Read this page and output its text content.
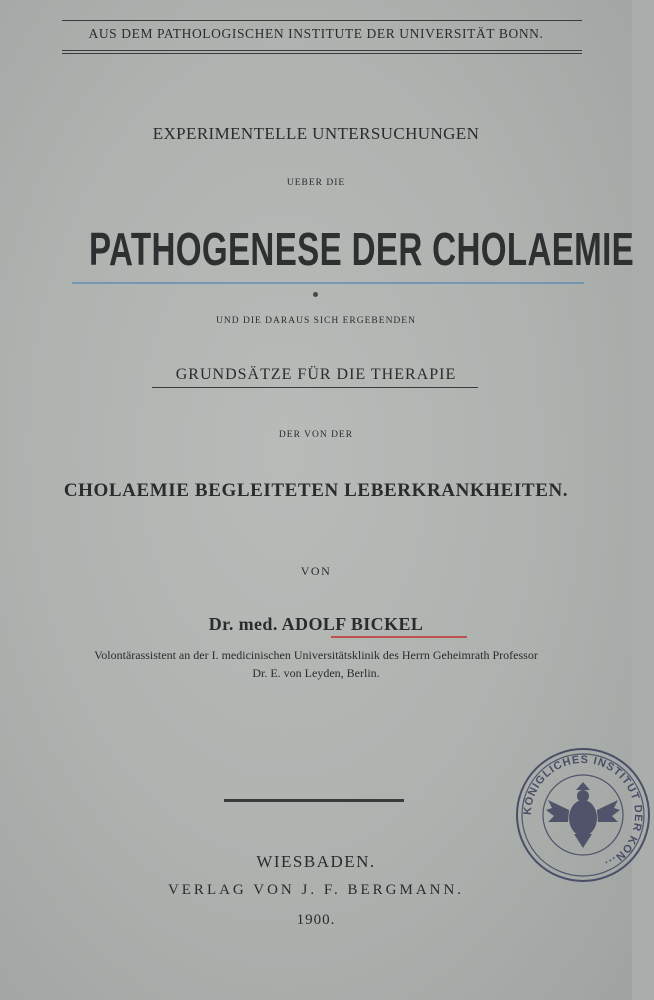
AUS DEM PATHOLOGISCHEN INSTITUTE DER UNIVERSITÄT BONN.
EXPERIMENTELLE UNTERSUCHUNGEN
UEBER DIE
PATHOGENESE DER CHOLAEMIE
UND DIE DARAUS SICH ERGEBENDEN
GRUNDSÄTZE FÜR DIE THERAPIE
DER VON DER
CHOLAEMIE BEGLEITETEN LEBERKRANKHEITEN.
VON
Dr. med. ADOLF BICKEL
Volontärassistent an der I. medicinischen Universitätsklinik des Herrn Geheimrath Professor
Dr. E. von Leyden, Berlin.
WIESBADEN.
VERLAG VON J. F. BERGMANN.
1900.
KÖNIGLICHES INSTITUT DER KÖN...
